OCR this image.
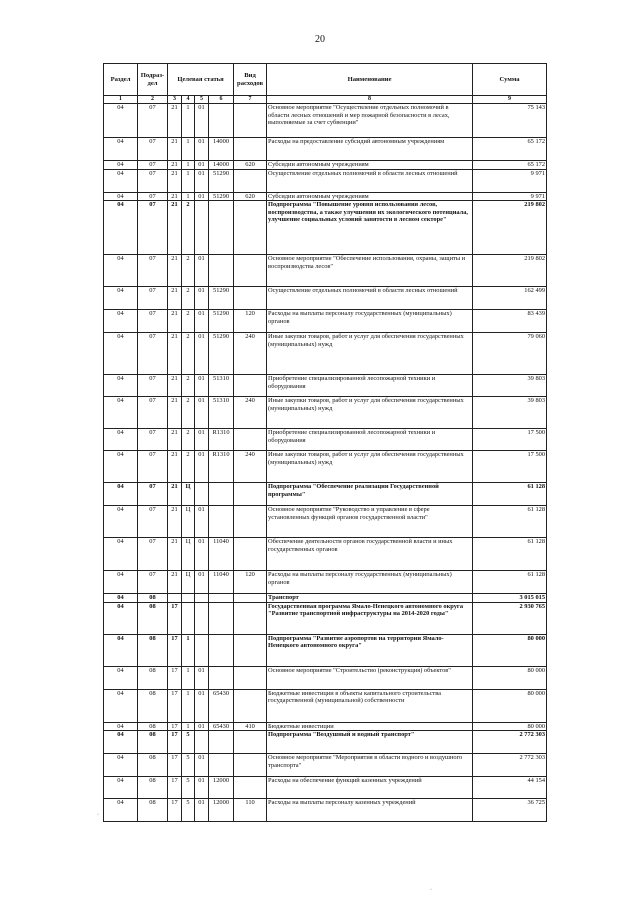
20
Раздел	Подраз-дел	Целевая статья				Вид расходов	Наименование	Сумма
1	2	3	4	5	6	7	8	9
04	07	21	1	01			Основное мероприятие "Осуществление отдельных полномочий в области лесных отношений и мер пожарной безопасности в лесах, выполняемые за счет субвенции"	75 143
04	07	21	1	01	14000		Расходы на предоставление субсидий автономным учреждениям	65 172
04	07	21	1	01	14000	620	Субсидии автономным учреждениям	65 172
04	07	21	1	01	51290		Осуществление отдельных полномочий в области лесных отношений	9 971
04	07	21	1	01	51290	620	Субсидии автономным учреждениям	9 971
04	07	21	2				Подпрограмма "Повышение уровня использования лесов, воспроизводства, а также улучшения их экологического потенциала, улучшение социальных условий занятости в лесном секторе"	219 802
04	07	21	2	01			Основное мероприятие "Обеспечение использования, охраны, защиты и воспроизводства лесов"	219 802
04	07	21	2	01	51290		Осуществление отдельных полномочий в области лесных отношений	162 499
04	07	21	2	01	51290	120	Расходы на выплаты персоналу государственных (муниципальных) органов	83 439
04	07	21	2	01	51290	240	Иные закупки товаров, работ и услуг для обеспечения государственных (муниципальных) нужд	79 060
04	07	21	2	01	51310		Приобретение специализированной лесопожарной техники и оборудования	39 803
04	07	21	2	01	51310	240	Иные закупки товаров, работ и услуг для обеспечения государственных (муниципальных) нужд	39 803
04	07	21	2	01	R1310		Приобретение специализированной лесопожарной техники и оборудования	17 500
04	07	21	2	01	R1310	240	Иные закупки товаров, работ и услуг для обеспечения государственных (муниципальных) нужд	17 500
04	07	21	Ц				Подпрограмма "Обеспечение реализации Государственной программы"	61 128
04	07	21	Ц	01			Основное мероприятие "Руководство и управление в сфере установленных функций органов государственной власти"	61 128
04	07	21	Ц	01	11040		Обеспечение деятельности органов государственной власти и иных государственных органов	61 128
04	07	21	Ц	01	11040	120	Расходы на выплаты персоналу государственных (муниципальных) органов	61 128
04	08						Транспорт	3 015 015
04	08	17					Государственная программа Ямало-Ненецкого автономного округа "Развитие транспортной инфраструктуры на 2014-2020 годы"	2 930 765
04	08	17	1				Подпрограмма "Развитие аэропортов на территории Ямало-Ненецкого автономного округа"	80 000
04	08	17	1	01			Основное мероприятие "Строительство (реконструкция) объектов"	80 000
04	08	17	1	01	65430		Бюджетные инвестиции в объекты капитального строительства государственной (муниципальной) собственности	80 000
04	08	17	1	01	65430	410	Бюджетные инвестиции	80 000
04	08	17	5				Подпрограмма "Воздушный и водный транспорт"	2 772 303
04	08	17	5	01			Основное мероприятие "Мероприятия в области водного и воздушного транспорта"	2 772 303
04	08	17	5	01	12000		Расходы на обеспечение функций казенных учреждений	44 154
04	08	17	5	01	12000	110	Расходы на выплаты персоналу казенных учреждений	36 725
·
·
